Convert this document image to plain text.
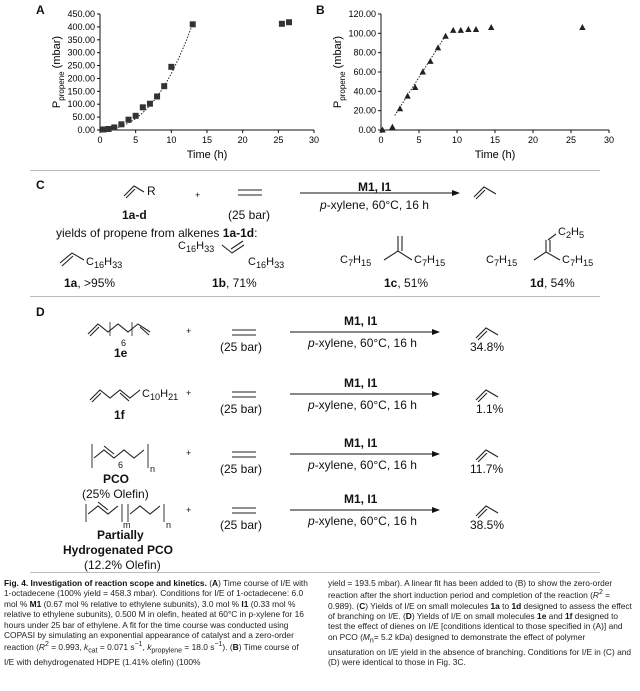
A	B
0	5	10	15	20	25	30
0.00
50.00
100.00
150.00
200.00
250.00
300.00
350.00
400.00
450.00
Time (h)
$P_{propene}$ (mbar)
0	5	10	15	20	25	30
0.00
20.00
40.00
60.00
80.00
100.00
120.00
Time (h)
$P_{propene}$ (mbar)
C	R
1a-d
+
(25 bar)
M1, I1
p-xylene, 60°C, 16 h
yields of propene from alkenes 1a-1d:
$C_{16}H_{33}$
$C_{16}H_{33}$
$C_{16}H_{33}$	$C_7H_{15}$	$C_7H_{15}$
$C_2H_5$
$C_7H_{15}$	$C_7H_{15}$
1a, >95%	1b, 71%	1c, 51%	1d, 54%
D
6
$C_{10}H_{21}$
6	n
m	n
1e
1f
PCO
(25% Olefin)
Partially
Hydrogenated PCO
(12.2% Olefin)
+
+
+
+
(25 bar)
(25 bar)
(25 bar)
(25 bar)
M1, I1
p-xylene, 60°C, 16 h
M1, I1
p-xylene, 60°C, 16 h
M1, I1
p-xylene, 60°C, 16 h
M1, I1
p-xylene, 60°C, 16 h
34.8%
1.1%
11.7%
38.5%
Fig. 4. Investigation of reaction scope and kinetics. (A) Time course of I/E with 1-octadecene (100% yield = 458.3 mbar). Conditions for I/E of 1-octadecene: 6.0 mol % M1 (0.67 mol % relative to ethylene subunits), 3.0 mol % I1 (0.33 mol % relative to ethylene subunits), 0.500 M in olefin, heated at 60°C in p-xylene for 16 hours under 25 bar of ethylene. A fit for the time course was conducted using COPASI by simulating an exponential appearance of catalyst and a zero-order reaction ($R^2 = 0.993$, $k_{cat} = 0.071$ $s^{-1}$, $k_{propylene} = 18.0$ $s^{-1}$). (B) Time course of I/E with dehydrogenated HDPE (1.41% olefin) (100%
yield = 193.5 mbar). A linear fit has been added to (B) to show the zero-order reaction after the short induction period and completion of the reaction $(R^2 = 0.989)$. (C) Yields of I/E on small molecules 1a to 1d designed to assess the effect of branching on I/E. (D) Yields of I/E on small molecules 1e and 1f designed to test the effect of dienes on I/E [conditions identical to those specified in (A)] and on PCO ($M_n= 5.2$ kDa) designed to demonstrate the effect of polymer unsaturation on I/E yield in the absence of branching. Conditions for I/E in (C) and (D) were identical to those in Fig. 3C.
